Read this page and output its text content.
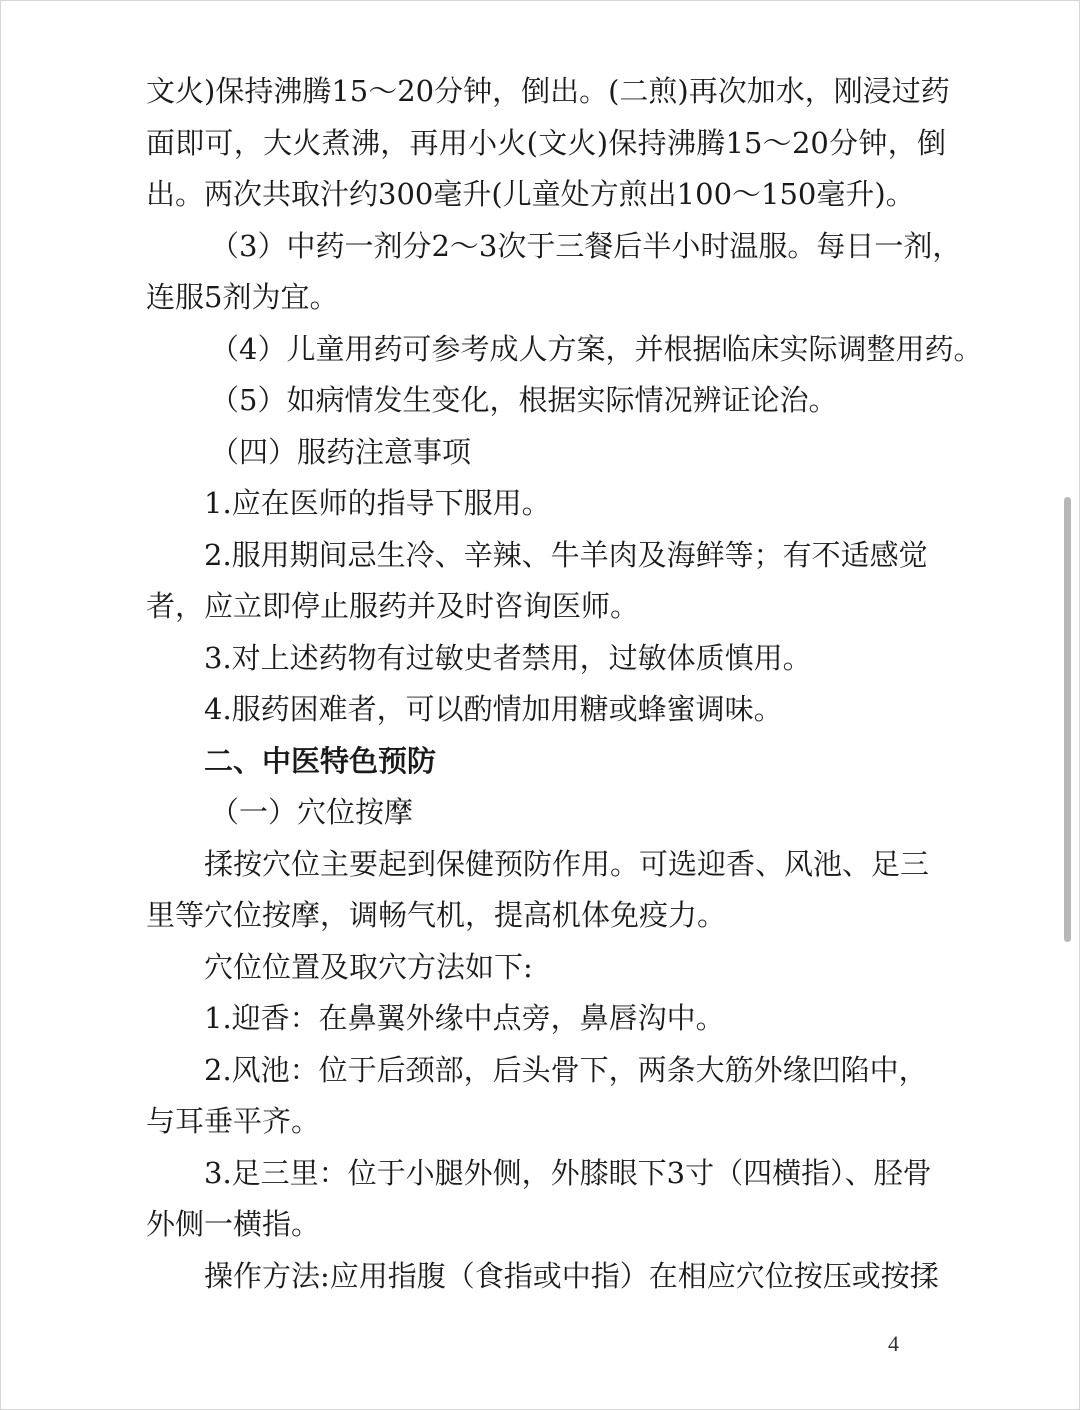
文火)保持沸腾15～20分钟，倒出。(二煎)再次加水，刚浸过药
面即可，大火煮沸，再用小火(文火)保持沸腾15～20分钟，倒
出。两次共取汁约300毫升(儿童处方煎出100～150毫升)。
（3）中药一剂分2～3次于三餐后半小时温服。每日一剂，
连服5剂为宜。
（4）儿童用药可参考成人方案，并根据临床实际调整用药。
（5）如病情发生变化，根据实际情况辨证论治。
（四）服药注意事项
1.应在医师的指导下服用。
2.服用期间忌生冷、辛辣、牛羊肉及海鲜等；有不适感觉
者，应立即停止服药并及时咨询医师。
3.对上述药物有过敏史者禁用，过敏体质慎用。
4.服药困难者，可以酌情加用糖或蜂蜜调味。
二、中医特色预防
（一）穴位按摩
揉按穴位主要起到保健预防作用。可选迎香、风池、足三
里等穴位按摩，调畅气机，提高机体免疫力。
穴位位置及取穴方法如下:
1.迎香：在鼻翼外缘中点旁，鼻唇沟中。
2.风池：位于后颈部，后头骨下，两条大筋外缘凹陷中，
与耳垂平齐。
3.足三里：位于小腿外侧，外膝眼下3寸（四横指）、胫骨
外侧一横指。
操作方法:应用指腹（食指或中指）在相应穴位按压或按揉
4
